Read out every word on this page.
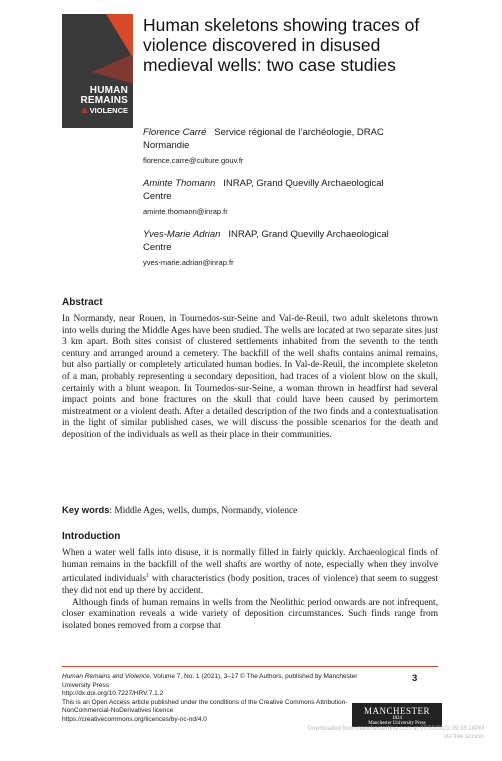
HUMAN
REMAINS
& VIOLENCE
Human skeletons showing traces of violence discovered in disused medieval wells: two case studies
Florence Carré Service régional de l’archéologie, DRAC Normandie
florence.carre@culture.gouv.fr
Aminte Thomann INRAP, Grand Quevilly Archaeological Centre
aminte.thomann@inrap.fr
Yves-Marie Adrian INRAP, Grand Quevilly Archaeological Centre
yves-marie.adrian@inrap.fr
Abstract

In Normandy, near Rouen, in Tournedos-sur-Seine and Val-de-Reuil, two adult skeletons thrown into wells during the Middle Ages have been studied. The wells are located at two separate sites just 3 km apart. Both sites consist of clustered settlements inhabited from the seventh to the tenth century and arranged around a cemetery. The backfill of the well shafts contains animal remains, but also partially or completely articulated human bodies. In Val-de-Reuil, the incomplete skeleton of a man, probably representing a secondary deposition, had traces of a violent blow on the skull, certainly with a blunt weapon. In Tournedos-sur-Seine, a woman thrown in headfirst had several impact points and bone fractures on the skull that could have been caused by perimortem mistreatment or a violent death. After a detailed description of the two finds and a contextualisation in the light of similar published cases, we will discuss the possible scenarios for the death and deposition of the individuals as well as their place in their communities.

Key words: Middle Ages, wells, dumps, Normandy, violence
Introduction

When a water well falls into disuse, it is normally filled in fairly quickly. Archaeological finds of human remains in the backfill of the well shafts are worthy of note, especially when they involve articulated individuals$^1$ with characteristics (body position, traces of violence) that seem to suggest they did not end up there by accident.

Although finds of human remains in wells from the Neolithic period onwards are not infrequent, closer examination reveals a wide variety of deposition circumstances. Such finds range from isolated bones removed from a corpse that

Human Remains and Violence, Volume 7, No. 1 (2021), 3–17 © The Authors, published by Manchester University Press
http://dx.doi.org/10.7227/HRV.7.1.2
This is an Open Access article published under the conditions of the Creative Commons Attribution-NonCommercial-NoDerivatives licence
https://creativecommons.org/licences/by-nc-nd/4.0
3
MANCHESTER
1824
Manchester University Press
Downloaded from manchesterhive.com at 07/30/2022 09:35:18PM
via free access
